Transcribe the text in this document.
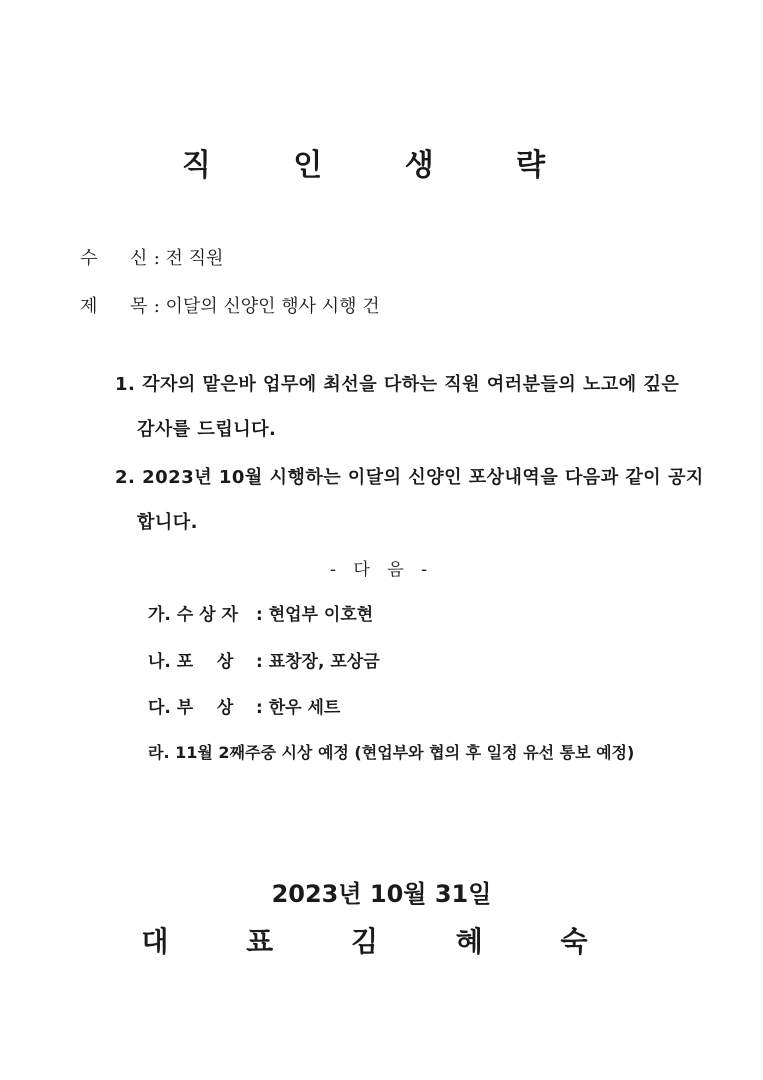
직 인 생 략
수 신 : 전 직원
제 목 : 이달의 신양인 행사 시행 건
1. 각자의 맡은바 업무에 최선을 다하는 직원 여러분들의 노고에 깊은
감사를 드립니다.
2. 2023년 10월 시행하는 이달의 신양인 포상내역을 다음과 같이 공지
합니다.
- 다 음 -
가. 수 상 자 : 현업부 이호현
나. 포    상 : 표창장, 포상금
다. 부    상 : 한우 세트
라. 11월 2째주중 시상 예정 (현업부와 협의 후 일정 유선 통보 예정)
2023년 10월 31일
대 표 김 혜 숙
